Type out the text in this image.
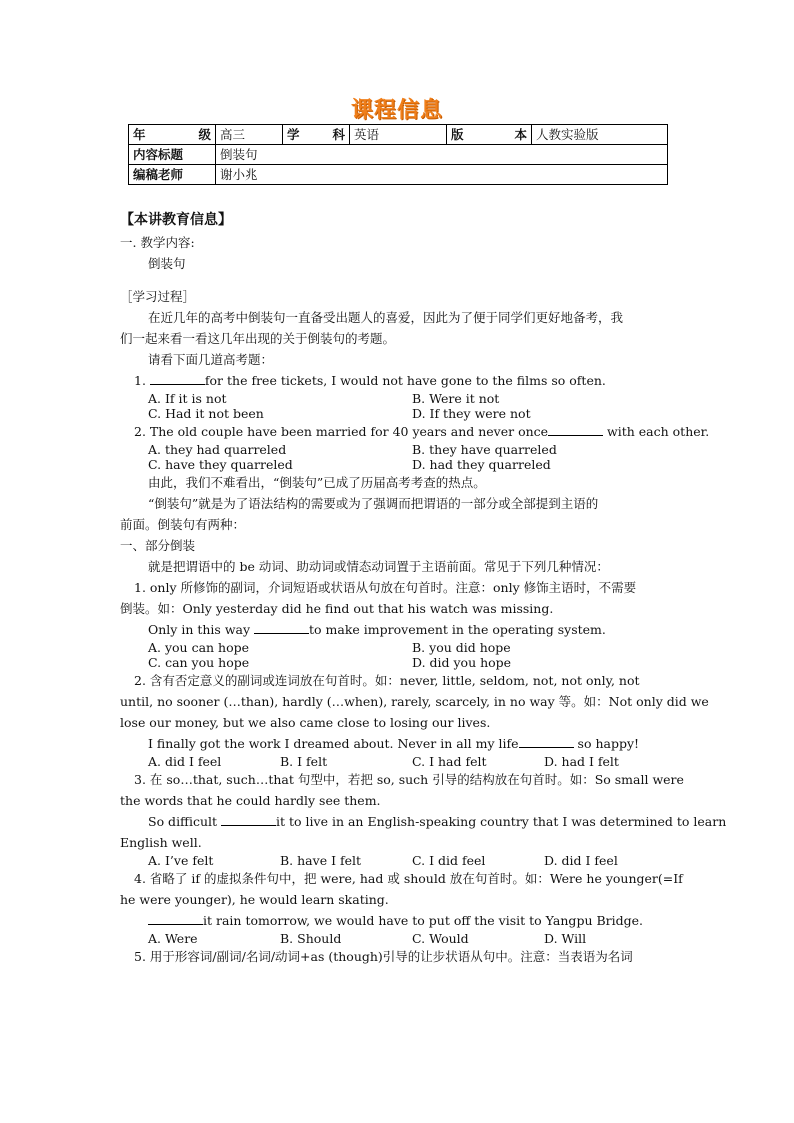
课程信息
年　　级	高三	学　　科	英语	版　　本	人教实验版
内容标题	倒装句				
编稿老师	谢小兆				
【本讲教育信息】
一. 教学内容:
倒装句
［学习过程］
在近几年的高考中倒装句一直备受出题人的喜爱，因此为了便于同学们更好地备考，我
们一起来看一看这几年出现的关于倒装句的考题。
请看下面几道高考题：
1.	for the free tickets, I would not have gone to the films so often.
A. If it is not	B. Were it not
C. Had it not been	D. If they were not
2. The old couple have been married for 40 years and never once	with each other.
A. they had quarreled	B. they have quarreled
C. have they quarreled	D. had they quarreled
由此，我们不难看出，“倒装句”已成了历届高考考查的热点。
“倒装句”就是为了语法结构的需要或为了强调而把谓语的一部分或全部提到主语的
前面。倒装句有两种：
一、部分倒装
就是把谓语中的 be 动词、助动词或情态动词置于主语前面。常见于下列几种情况：
1. only 所修饰的副词，介词短语或状语从句放在句首时。注意：only 修饰主语时，不需要
倒装。如：Only yesterday did he find out that his watch was missing.
Only in this way	to make improvement in the operating system.
A. you can hope	B. you did hope
C. can you hope	D. did you hope
2. 含有否定意义的副词或连词放在句首时。如：never, little, seldom, not, not only, not
until, no sooner (…than), hardly (…when), rarely, scarcely, in no way 等。如：Not only did we
lose our money, but we also came close to losing our lives.
I finally got the work I dreamed about. Never in all my life	so happy!
A. did I feel	B. I felt	C. I had felt	D. had I felt
3. 在 so…that, such…that 句型中，若把 so, such 引导的结构放在句首时。如：So small were
the words that he could hardly see them.
So difficult	it to live in an English-speaking country that I was determined to learn
English well.
A. I’ve felt	B. have I felt	C. I did feel	D. did I feel
4. 省略了 if 的虚拟条件句中，把 were, had 或 should 放在句首时。如：Were he younger(=If
he were younger), he would learn skating.
it rain tomorrow, we would have to put off the visit to Yangpu Bridge.
A. Were	B. Should	C. Would	D. Will
5. 用于形容词/副词/名词/动词+as (though)引导的让步状语从句中。注意：当表语为名词
